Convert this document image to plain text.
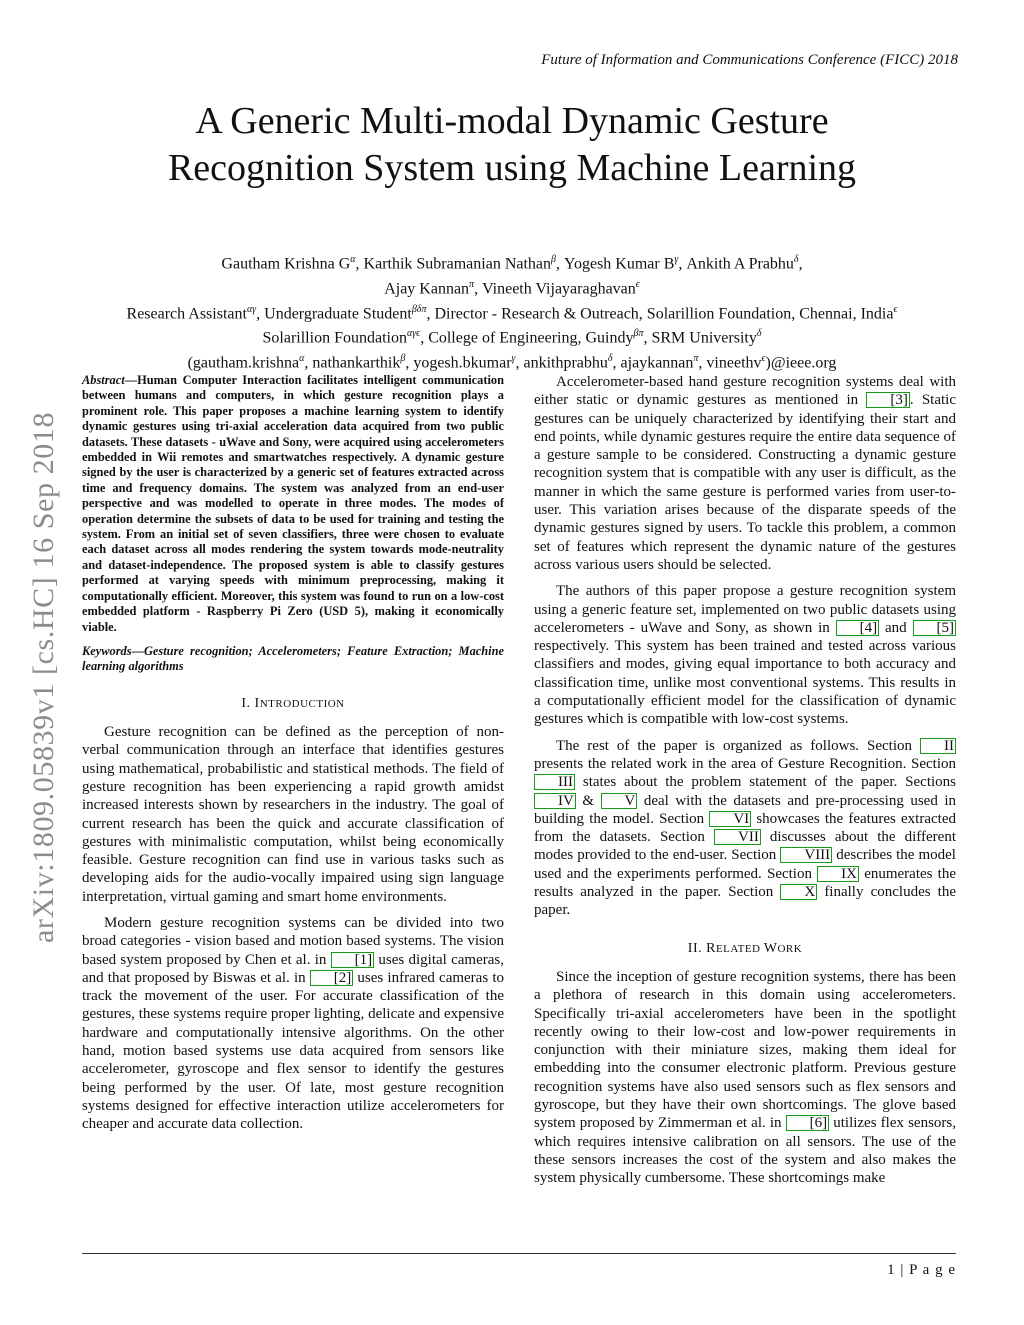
Future of Information and Communications Conference (FICC) 2018
A Generic Multi-modal Dynamic Gesture
Recognition System using Machine Learning
Gautham Krishna $G^\alpha$, Karthik Subramanian Nathan$^\beta$, Yogesh Kumar $B^\gamma$, Ankith A Prabhu$^\delta$,
Ajay Kannan$^\pi$, Vineeth Vijayaraghavan$^\epsilon$
Research Assistant$^{\alpha\gamma}$, Undergraduate Student$^{\beta\delta\pi}$, Director - Research & Outreach, Solarillion Foundation, Chennai, India$^\epsilon$
Solarillion Foundation$^{\alpha\gamma\epsilon}$, College of Engineering, Guindy$^{\beta\pi}$, SRM University$^\delta$
(gautham.krishna$^\alpha$, nathankarthik$^\beta$, yogesh.bkumar$^\gamma$, ankithprabhu$^\delta$, ajaykannan$^\pi$, vineethv$^\epsilon$)@ieee.org
arXiv:1809.05839v1 [cs.HC] 16 Sep 2018
Abstract—Human Computer Interaction facilitates intelligent communication between humans and computers, in which gesture recognition plays a prominent role. This paper proposes a machine learning system to identify dynamic gestures using tri-axial acceleration data acquired from two public datasets. These datasets - uWave and Sony, were acquired using accelerometers embedded in Wii remotes and smartwatches respectively. A dynamic gesture signed by the user is characterized by a generic set of features extracted across time and frequency domains. The system was analyzed from an end-user perspective and was modelled to operate in three modes. The modes of operation determine the subsets of data to be used for training and testing the system. From an initial set of seven classifiers, three were chosen to evaluate each dataset across all modes rendering the system towards mode-neutrality and dataset-independence. The proposed system is able to classify gestures performed at varying speeds with minimum preprocessing, making it computationally efficient. Moreover, this system was found to run on a low-cost embedded platform - Raspberry Pi Zero (USD 5), making it economically viable.
Keywords—Gesture recognition; Accelerometers; Feature Extraction; Machine learning algorithms
I. INTRODUCTION

Gesture recognition can be defined as the perception of non-verbal communication through an interface that identifies gestures using mathematical, probabilistic and statistical methods. The field of gesture recognition has been experiencing a rapid growth amidst increased interests shown by researchers in the industry. The goal of current research has been the quick and accurate classification of gestures with minimalistic computation, whilst being economically feasible. Gesture recognition can find use in various tasks such as developing aids for the audio-vocally impaired using sign language interpretation, virtual gaming and smart home environments.

Modern gesture recognition systems can be divided into two broad categories - vision based and motion based systems. The vision based system proposed by Chen et al. in [1] uses digital cameras, and that proposed by Biswas et al. in [2] uses infrared cameras to track the movement of the user. For accurate classification of the gestures, these systems require proper lighting, delicate and expensive hardware and computationally intensive algorithms. On the other hand, motion based systems use data acquired from sensors like accelerometer, gyroscope and flex sensor to identify the gestures being performed by the user. Of late, most gesture recognition systems designed for effective interaction utilize accelerometers for cheaper and accurate data collection.

Accelerometer-based hand gesture recognition systems deal with either static or dynamic gestures as mentioned in [3] . Static gestures can be uniquely characterized by identifying their start and end points, while dynamic gestures require the entire data sequence of a gesture sample to be considered. Constructing a dynamic gesture recognition system that is compatible with any user is difficult, as the manner in which the same gesture is performed varies from user-to-user. This variation arises because of the disparate speeds of the dynamic gestures signed by users. To tackle this problem, a common set of features which represent the dynamic nature of the gestures across various users should be selected.

The authors of this paper propose a gesture recognition system using a generic feature set, implemented on two public datasets using accelerometers - uWave and Sony, as shown in [4] and [5] respectively. This system has been trained and tested across various classifiers and modes, giving equal importance to both accuracy and classification time, unlike most conventional systems. This results in a computationally efficient model for the classification of dynamic gestures which is compatible with low-cost systems.

The rest of the paper is organized as follows. Section II presents the related work in the area of Gesture Recognition. Section III states about the problem statement of the paper. Sections IV & V deal with the datasets and pre-processing used in building the model. Section VI showcases the features extracted from the datasets. Section VII discusses about the different modes provided to the end-user. Section VIII describes the model used and the experiments performed. Section IX enumerates the results analyzed in the paper. Section X finally concludes the paper.

II. RELATED WORK

Since the inception of gesture recognition systems, there has been a plethora of research in this domain using accelerometers. Specifically tri-axial accelerometers have been in the spotlight recently owing to their low-cost and low-power requirements in conjunction with their miniature sizes, making them ideal for embedding into the consumer electronic platform. Previous gesture recognition systems have also used sensors such as flex sensors and gyroscope, but they have their own shortcomings. The glove based system proposed by Zimmerman et al. in [6] utilizes flex sensors, which requires intensive calibration on all sensors. The use of the these sensors increases the cost of the system and also makes the system physically cumbersome. These shortcomings make

1 | P a g e
